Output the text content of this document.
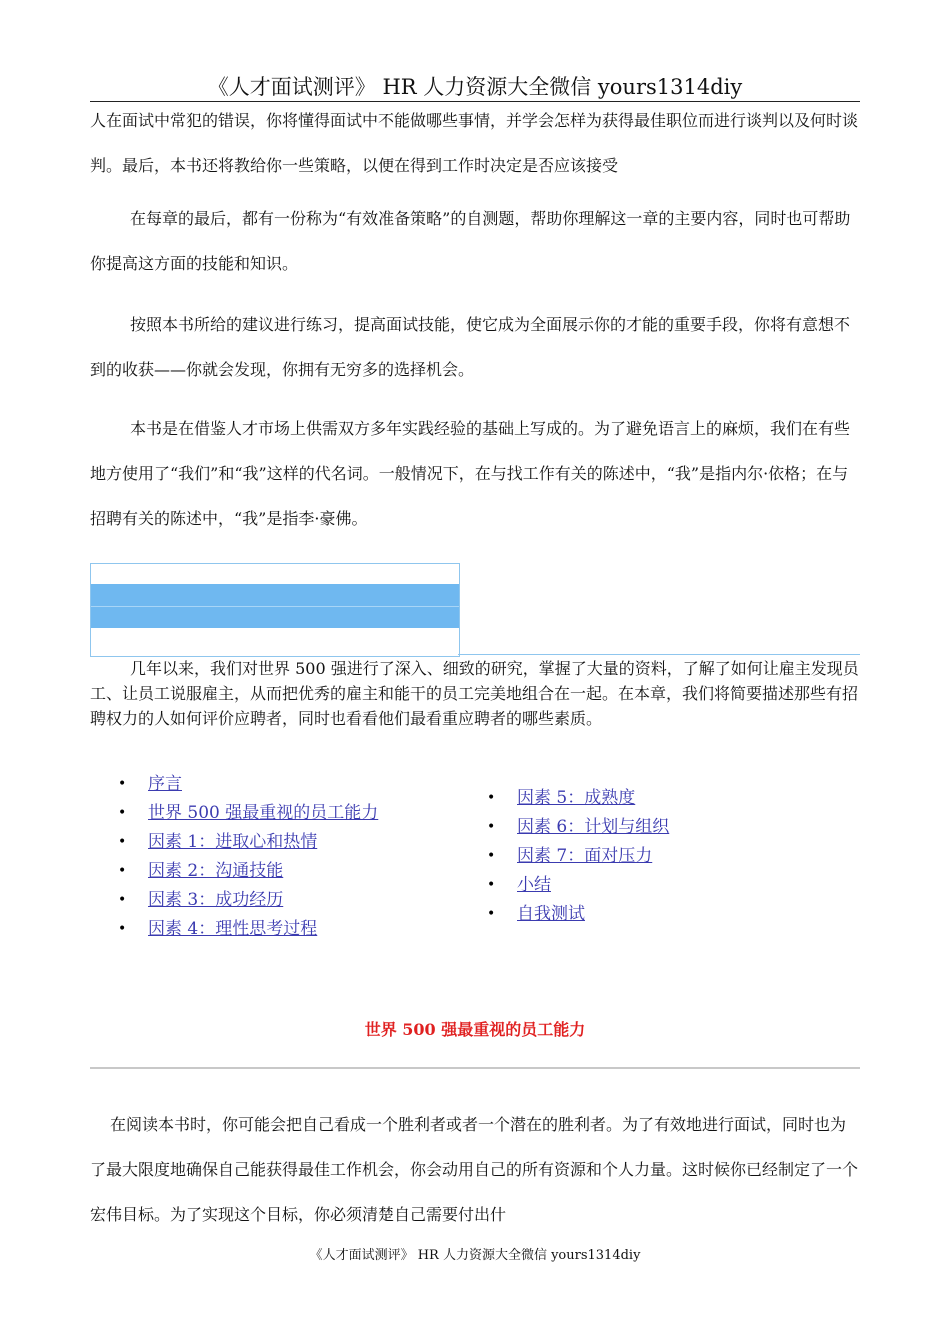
《人才面试测评》 HR 人力资源大全微信 yours1314diy

人在面试中常犯的错误，你将懂得面试中不能做哪些事情，并学会怎样为获得最佳职位而进行谈判以及何时谈判。最后，本书还将教给你一些策略，以便在得到工作时决定是否应该接受

在每章的最后，都有一份称为“有效准备策略”的自测题，帮助你理解这一章的主要内容，同时也可帮助你提高这方面的技能和知识。

按照本书所给的建议进行练习，提高面试技能，使它成为全面展示你的才能的重要手段，你将有意想不到的收获——你就会发现，你拥有无穷多的选择机会。

本书是在借鉴人才市场上供需双方多年实践经验的基础上写成的。为了避免语言上的麻烦，我们在有些地方使用了“我们”和“我”这样的代名词。一般情况下，在与找工作有关的陈述中，“我”是指内尔·依格；在与招聘有关的陈述中，“我”是指李·豪佛。

几年以来，我们对世界 500 强进行了深入、细致的研究，掌握了大量的资料，了解了如何让雇主发现员工、让员工说服雇主，从而把优秀的雇主和能干的员工完美地组合在一起。在本章，我们将简要描述那些有招聘权力的人如何评价应聘者，同时也看看他们最看重应聘者的哪些素质。

• 序言
• 世界 500 强最重视的员工能力
• 因素 1：进取心和热情
• 因素 2：沟通技能
• 因素 3：成功经历
• 因素 4：理性思考过程
• 因素 5：成熟度
• 因素 6：计划与组织
• 因素 7：面对压力
• 小结
• 自我测试
世界 500 强最重视的员工能力

在阅读本书时，你可能会把自己看成一个胜利者或者一个潜在的胜利者。为了有效地进行面试，同时也为了最大限度地确保自己能获得最佳工作机会，你会动用自己的所有资源和个人力量。这时候你已经制定了一个宏伟目标。为了实现这个目标，你必须清楚自己需要付出什

《人才面试测评》 HR 人力资源大全微信 yours1314diy
